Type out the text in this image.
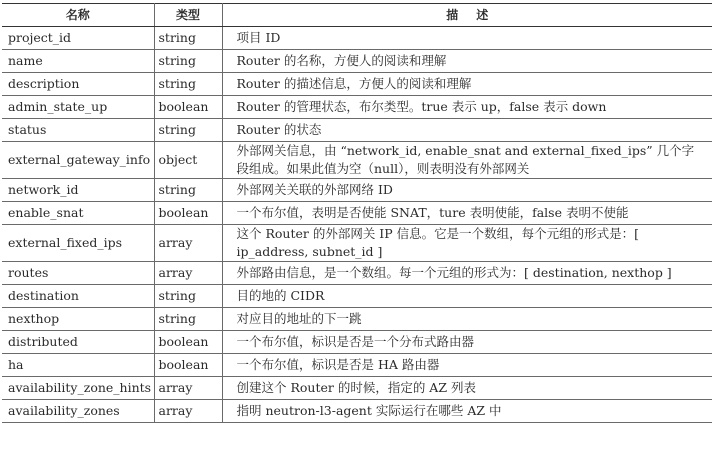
名称	类型	描述
project_id	string	项目 ID
name	string	Router 的名称，方便人的阅读和理解
description	string	Router 的描述信息，方便人的阅读和理解
admin_state_up	boolean	Router 的管理状态，布尔类型。true 表示 up，false 表示 down
status	string	Router 的状态
external_gateway_info	object	外部网关信息，由 “network_id, enable_snat and external_fixed_ips” 几个字段组成。如果此值为空（null），则表明没有外部网关
network_id	string	外部网关关联的外部网络 ID
enable_snat	boolean	一个布尔值，表明是否使能 SNAT，ture 表明使能，false 表明不使能
external_fixed_ips	array	这个 Router 的外部网关 IP 信息。它是一个数组，每个元组的形式是：[ ip_address, subnet_id ]
routes	array	外部路由信息，是一个数组。每一个元组的形式为：[ destination, nexthop ]
destination	string	目的地的 CIDR
nexthop	string	对应目的地址的下一跳
distributed	boolean	一个布尔值，标识是否是一个分布式路由器
ha	boolean	一个布尔值，标识是否是 HA 路由器
availability_zone_hints	array	创建这个 Router 的时候，指定的 AZ 列表
availability_zones	array	指明 neutron-l3-agent 实际运行在哪些 AZ 中
